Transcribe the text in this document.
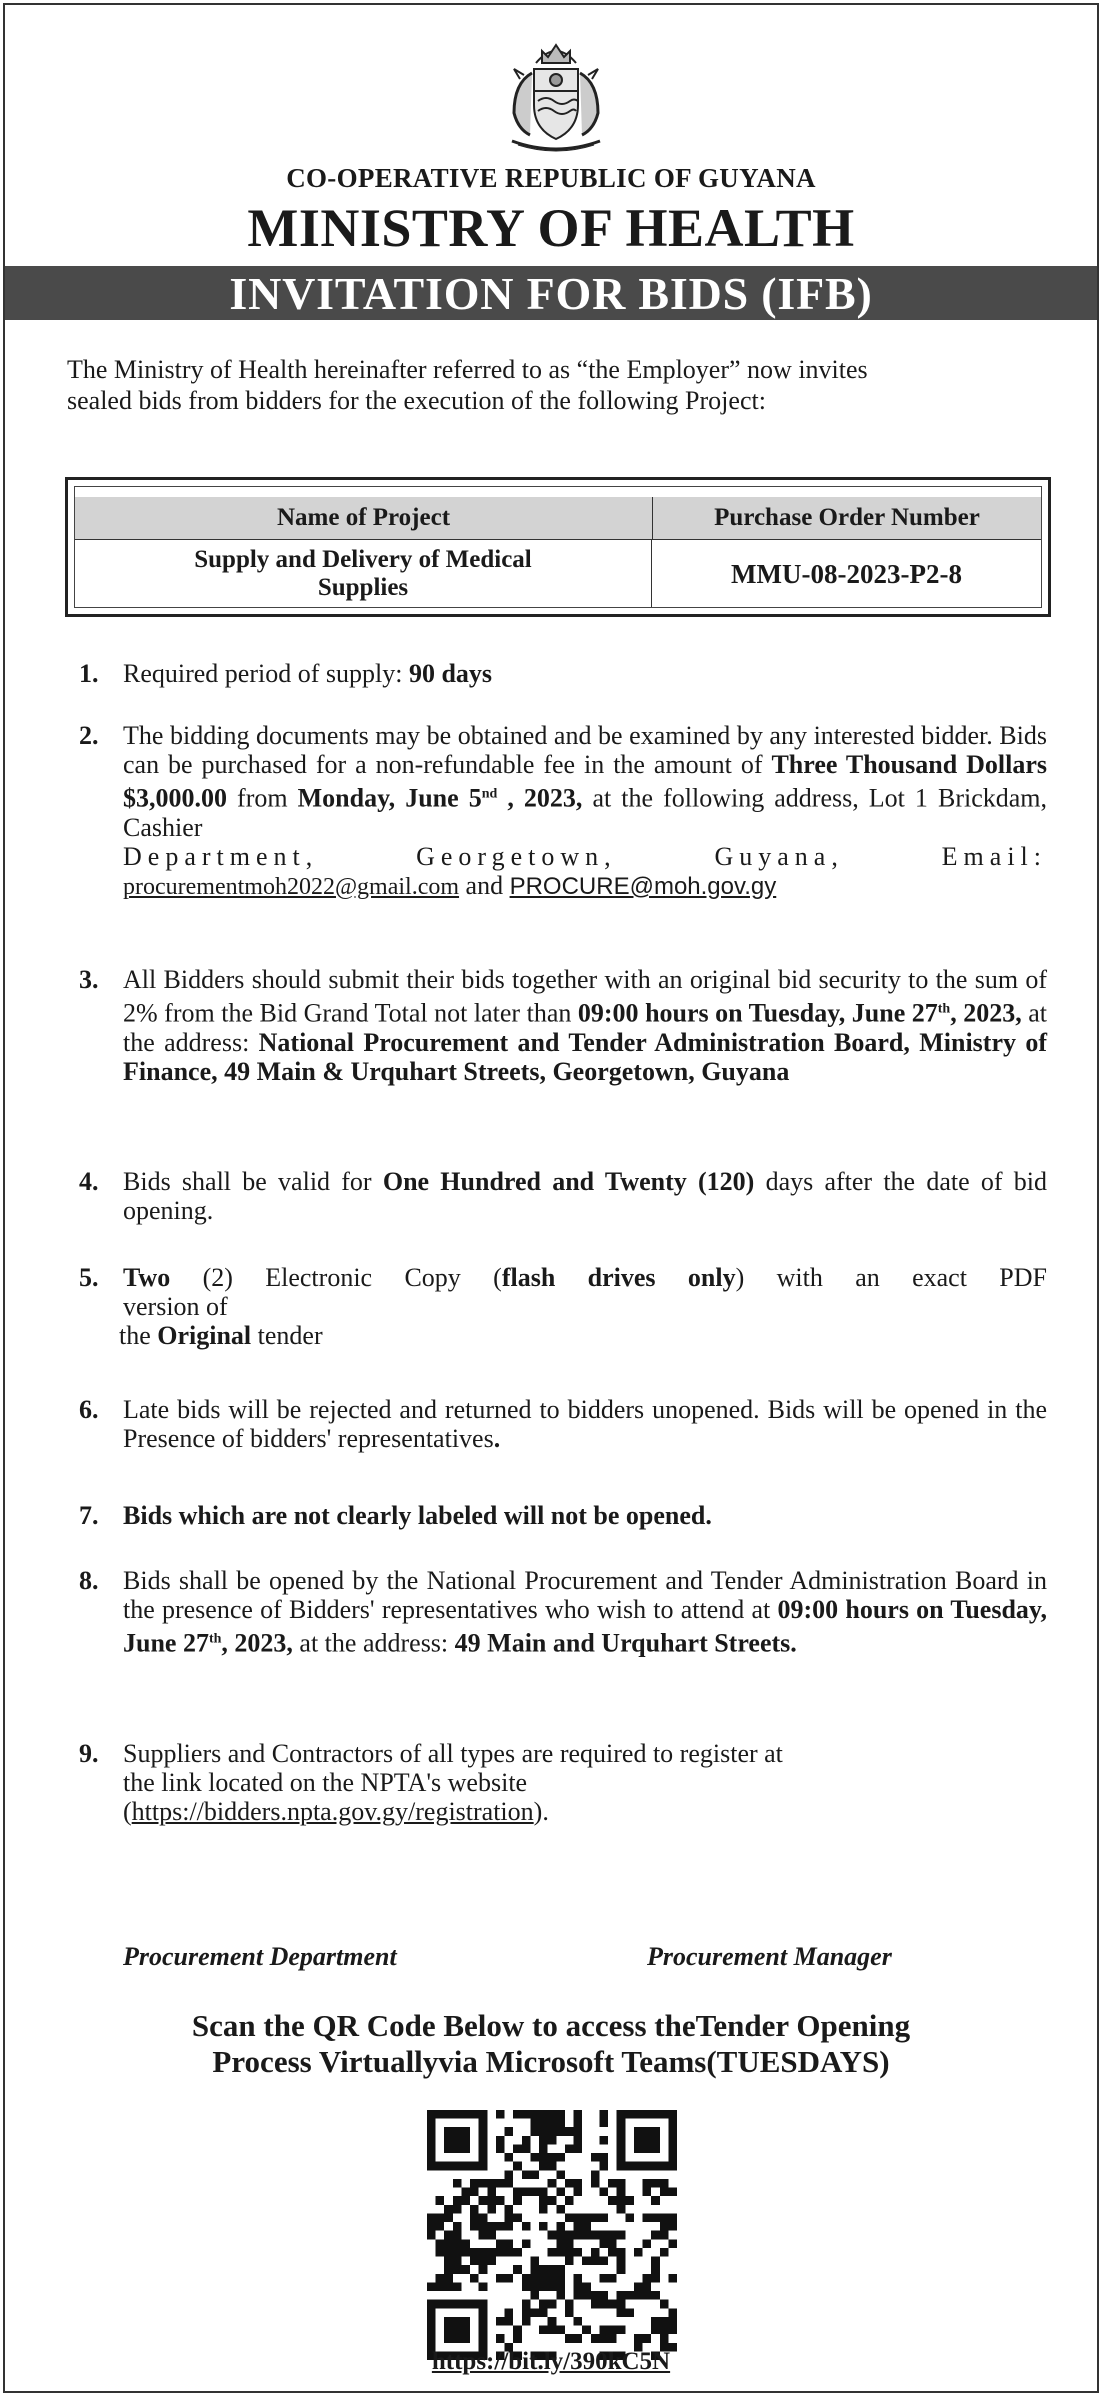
CO-OPERATIVE REPUBLIC OF GUYANA
MINISTRY OF HEALTH
INVITATION FOR BIDS (IFB)
The Ministry of Health hereinafter referred to as “the Employer” now invites
sealed bids from bidders for the execution of the following Project:
Name of Project	Purchase Order Number
Supply and Delivery of Medical Supplies	MMU-08-2023-P2-8
1. Required period of supply: 90 days
2. The bidding documents may be obtained and be examined by any interested bidder. Bids can be purchased for a non-refundable fee in the amount of Three Thousand Dollars $3,000.00 from Monday, June 5nd , 2023, at the following address, Lot 1 Brickdam, Cashier
Department, Georgetown, Guyana, Email:
procurementmoh2022@gmail.com and PROCURE@moh.gov.gy
3. All Bidders should submit their bids together with an original bid security to the sum of 2% from the Bid Grand Total not later than 09:00 hours on Tuesday, June 27th, 2023, at the address: National Procurement and Tender Administration Board, Ministry of Finance, 49 Main & Urquhart Streets, Georgetown, Guyana
4. Bids shall be valid for One Hundred and Twenty (120) days after the date of bid opening.
5. Two (2) Electronic Copy (flash drives only) with an exact PDF
version of
the Original tender
6. Late bids will be rejected and returned to bidders unopened. Bids will be opened in the Presence of bidders' representatives.
7. Bids which are not clearly labeled will not be opened.
8. Bids shall be opened by the National Procurement and Tender Administration Board in the presence of Bidders' representatives who wish to attend at 09:00 hours on Tuesday, June 27th, 2023, at the address: 49 Main and Urquhart Streets.
9. Suppliers and Contractors of all types are required to register at
the link located on the NPTA's website
(https://bidders.npta.gov.gy/registration).
Procurement Department	Procurement Manager
Scan the QR Code Below to access theTender Opening
Process Virtuallyvia Microsoft Teams(TUESDAYS)
https://bit.ly/390kC5N
